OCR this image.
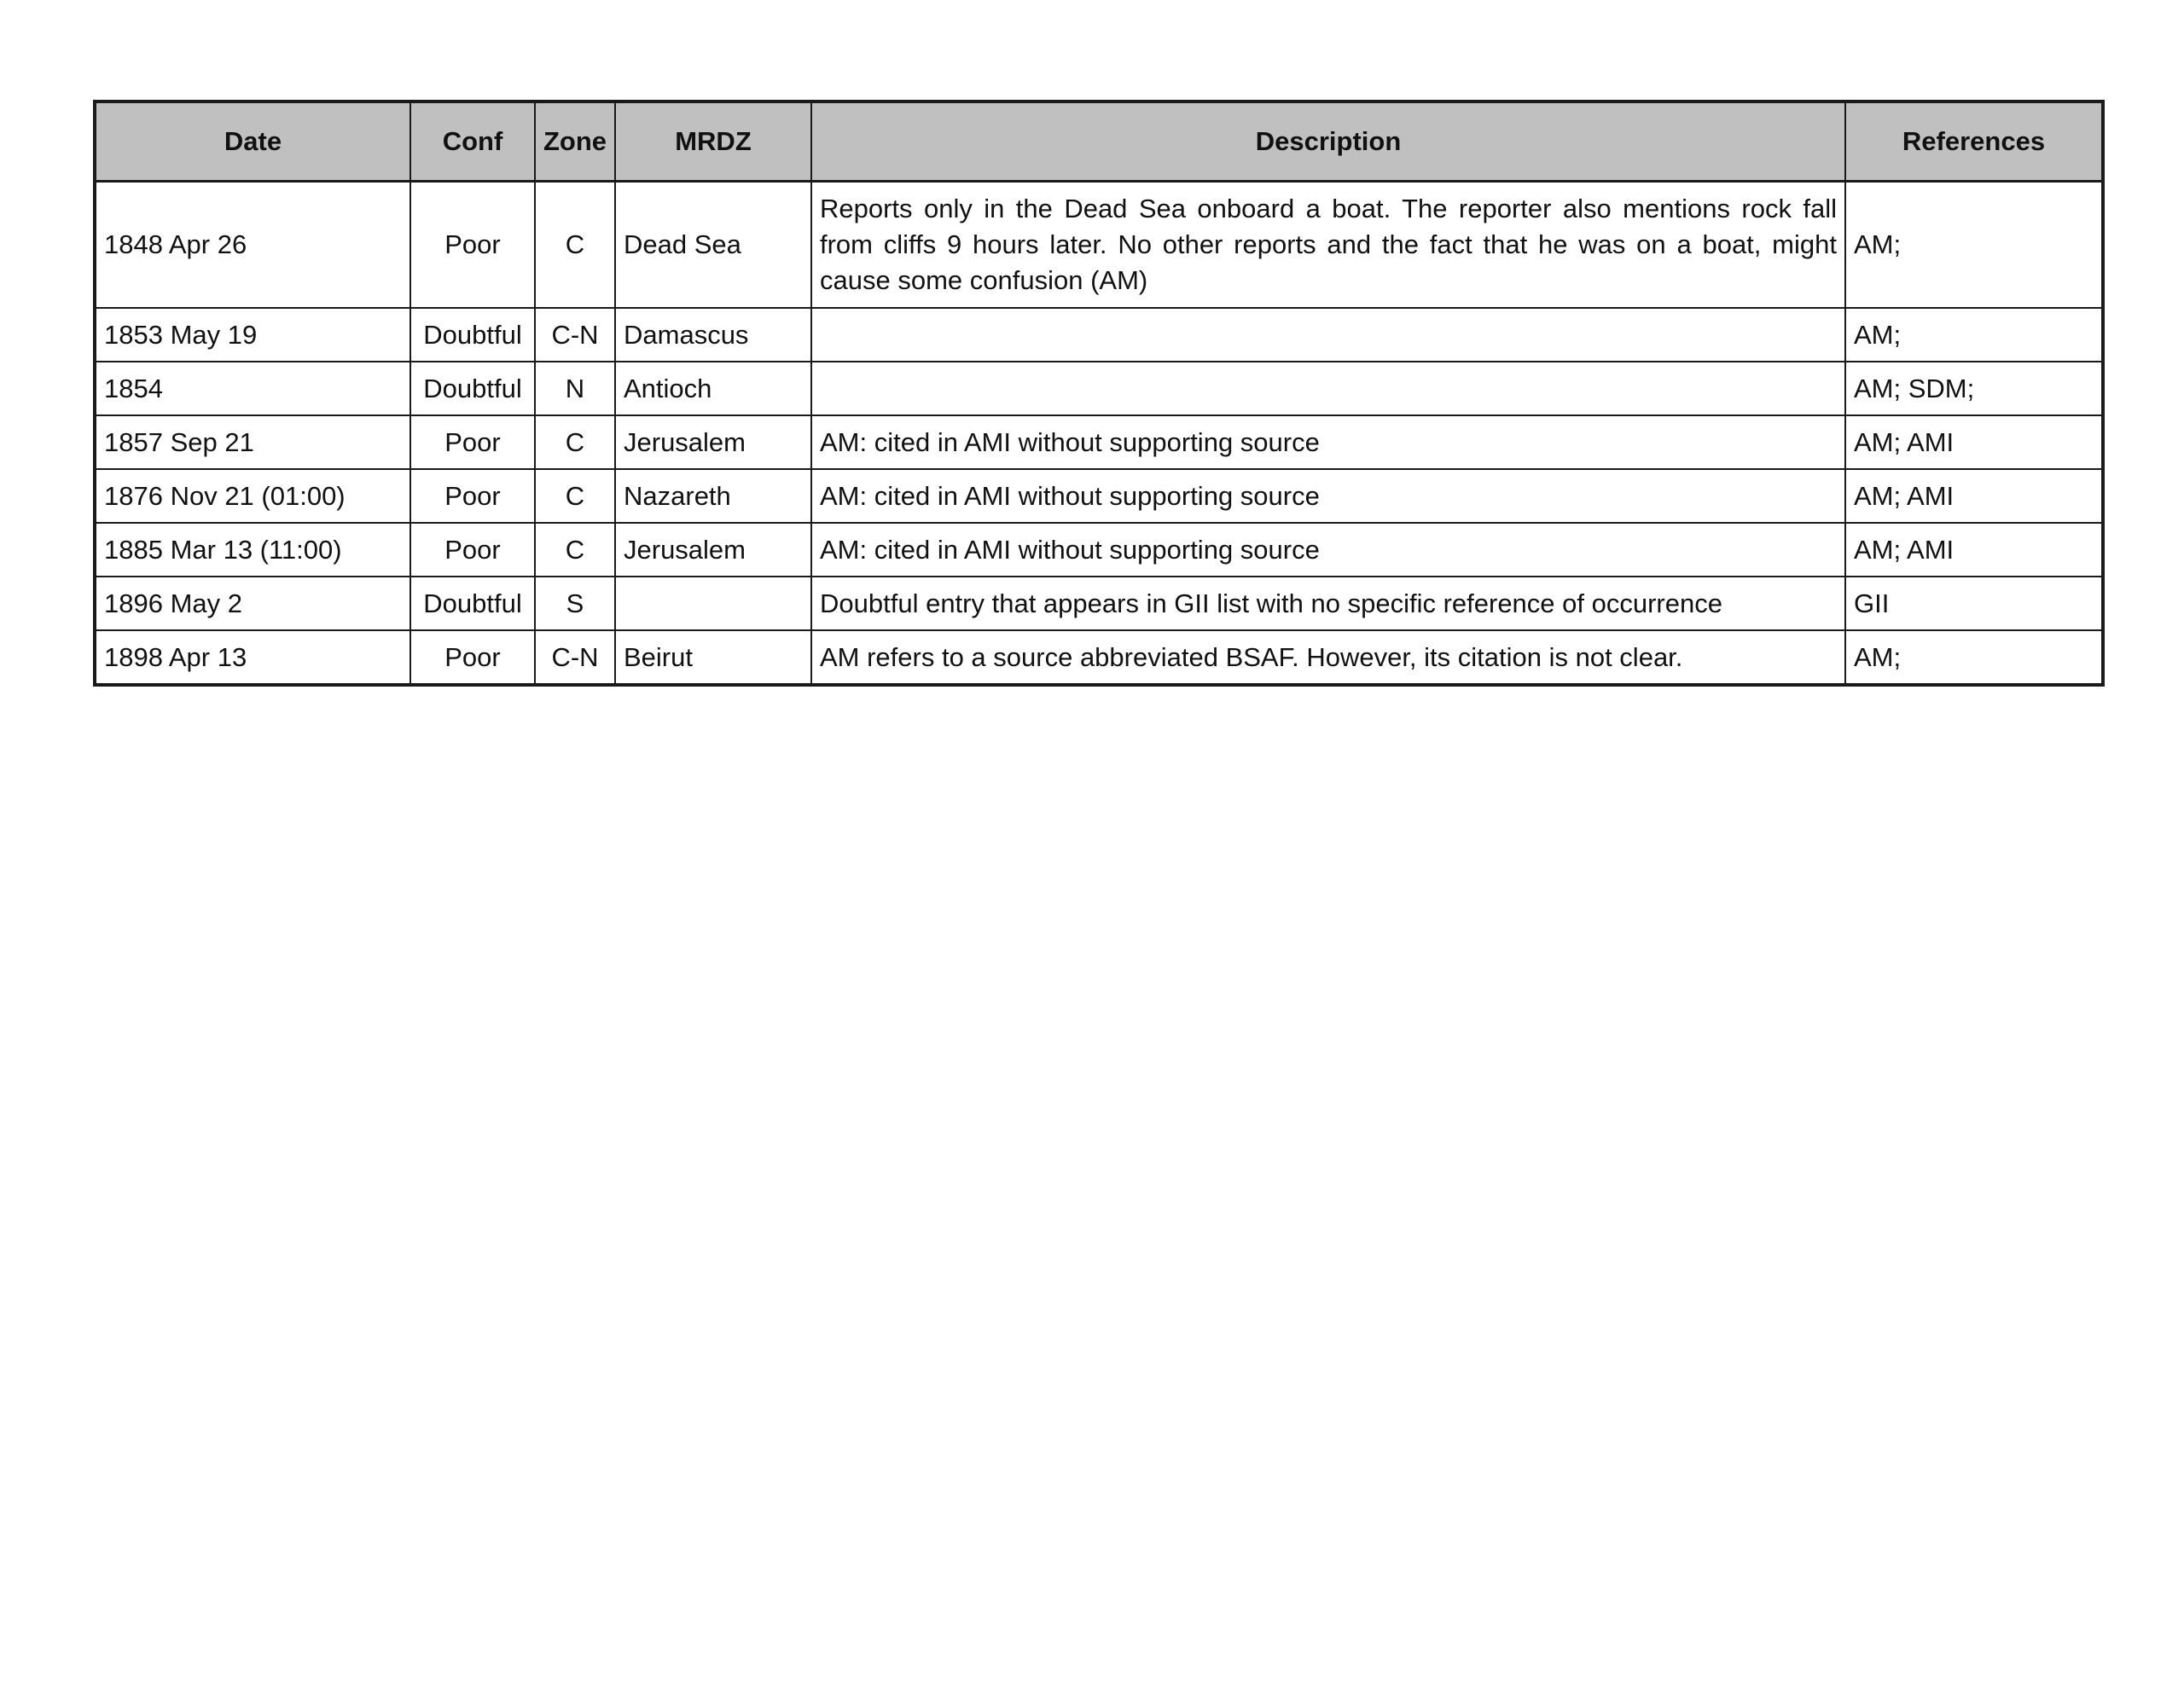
Date	Conf	Zone	MRDZ	Description	References
1848 Apr 26	Poor	C	Dead Sea	Reports only in the Dead Sea onboard a boat. The reporter also mentions rock fall from cliffs 9 hours later. No other reports and the fact that he was on a boat, might cause some confusion (AM)	AM;
1853 May 19	Doubtful	C-N	Damascus		AM;
1854	Doubtful	N	Antioch		AM; SDM;
1857 Sep 21	Poor	C	Jerusalem	AM: cited in AMI without supporting source	AM; AMI
1876 Nov 21 (01:00)	Poor	C	Nazareth	AM: cited in AMI without supporting source	AM; AMI
1885 Mar 13 (11:00)	Poor	C	Jerusalem	AM: cited in AMI without supporting source	AM; AMI
1896 May 2	Doubtful	S		Doubtful entry that appears in GII list with no specific reference of occurrence	GII
1898 Apr 13	Poor	C-N	Beirut	AM refers to a source abbreviated BSAF. However, its citation is not clear.	AM;
